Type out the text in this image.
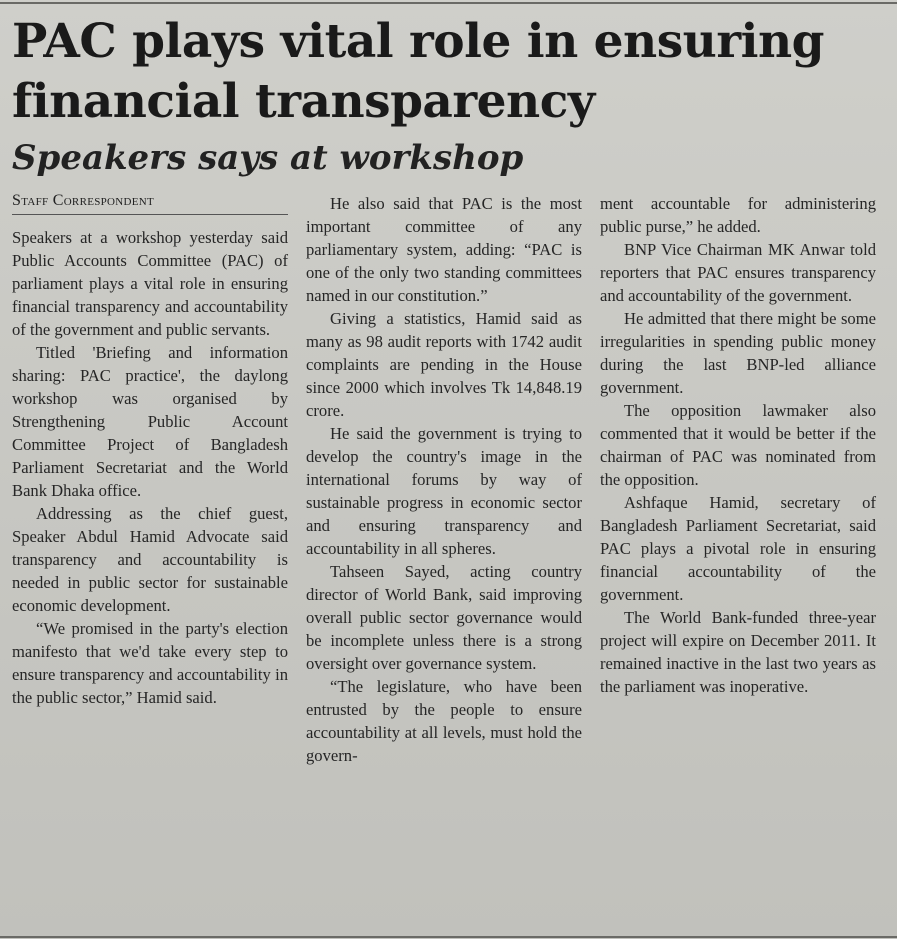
PAC plays vital role in ensuring financial transparency
Speakers says at workshop
Staff Correspondent

Speakers at a workshop yesterday said Public Accounts Committee (PAC) of parliament plays a vital role in ensuring financial transparency and accountability of the government and public servants.

Titled 'Briefing and information sharing: PAC practice', the daylong workshop was organised by Strengthening Public Account Committee Project of Bangladesh Parliament Secretariat and the World Bank Dhaka office.

Addressing as the chief guest, Speaker Abdul Hamid Advocate said transparency and accountability is needed in public sector for sustainable economic development.

“We promised in the party's election manifesto that we'd take every step to ensure transparency and accountability in the public sector,” Hamid said.

He also said that PAC is the most important committee of any parliamentary system, adding: “PAC is one of the only two standing committees named in our constitution.”

Giving a statistics, Hamid said as many as 98 audit reports with 1742 audit complaints are pending in the House since 2000 which involves Tk 14,848.19 crore.

He said the government is trying to develop the country's image in the international forums by way of sustainable progress in economic sector and ensuring transparency and accountability in all spheres.

Tahseen Sayed, acting country director of World Bank, said improving overall public sector governance would be incomplete unless there is a strong oversight over governance system.

“The legislature, who have been entrusted by the people to ensure accountability at all levels, must hold the govern-

ment accountable for administering public purse,” he added.

BNP Vice Chairman MK Anwar told reporters that PAC ensures transparency and accountability of the government.

He admitted that there might be some irregularities in spending public money during the last BNP-led alliance government.

The opposition lawmaker also commented that it would be better if the chairman of PAC was nominated from the opposition.

Ashfaque Hamid, secretary of Bangladesh Parliament Secretariat, said PAC plays a pivotal role in ensuring financial accountability of the government.

The World Bank-funded three-year project will expire on December 2011. It remained inactive in the last two years as the parliament was inoperative.
